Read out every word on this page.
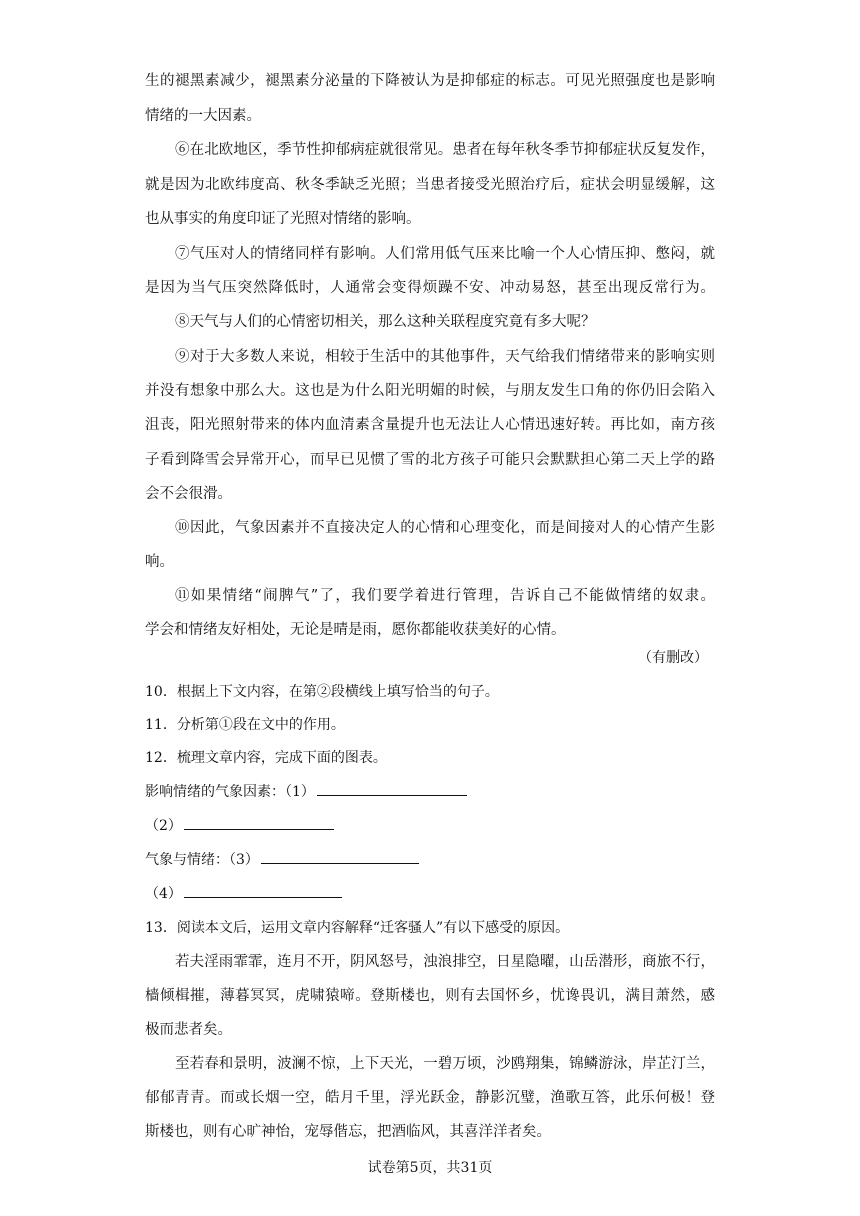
生的褪黑素减少，褪黑素分泌量的下降被认为是抑郁症的标志。可见光照强度也是影响

情绪的一大因素。

⑥在北欧地区，季节性抑郁病症就很常见。患者在每年秋冬季节抑郁症状反复发作，

就是因为北欧纬度高、秋冬季缺乏光照；当患者接受光照治疗后，症状会明显缓解，这

也从事实的角度印证了光照对情绪的影响。

⑦气压对人的情绪同样有影响。人们常用低气压来比喻一个人心情压抑、憋闷，就

是因为当气压突然降低时，人通常会变得烦躁不安、冲动易怒，甚至出现反常行为。

⑧天气与人们的心情密切相关，那么这种关联程度究竟有多大呢？

⑨对于大多数人来说，相较于生活中的其他事件，天气给我们情绪带来的影响实则

并没有想象中那么大。这也是为什么阳光明媚的时候，与朋友发生口角的你仍旧会陷入

沮丧，阳光照射带来的体内血清素含量提升也无法让人心情迅速好转。再比如，南方孩

子看到降雪会异常开心，而早已见惯了雪的北方孩子可能只会默默担心第二天上学的路

会不会很滑。

⑩因此，气象因素并不直接决定人的心情和心理变化，而是间接对人的心情产生影

响。

⑪如果情绪“闹脾气”了，我们要学着进行管理，告诉自己不能做情绪的奴隶。

学会和情绪友好相处，无论是晴是雨，愿你都能收获美好的心情。

（有删改）

10．根据上下文内容，在第②段横线上填写恰当的句子。

11．分析第①段在文中的作用。

12．梳理文章内容，完成下面的图表。

影响情绪的气象因素：（1）

（2）

气象与情绪：（3）

（4）

13．阅读本文后，运用文章内容解释“迁客骚人”有以下感受的原因。

若夫淫雨霏霏，连月不开，阴风怒号，浊浪排空，日星隐曜，山岳潜形，商旅不行，

樯倾楫摧，薄暮冥冥，虎啸猿啼。登斯楼也，则有去国怀乡，忧谗畏讥，满目萧然，感

极而悲者矣。

至若春和景明，波澜不惊，上下天光，一碧万顷，沙鸥翔集，锦鳞游泳，岸芷汀兰，

郁郁青青。而或长烟一空，皓月千里，浮光跃金，静影沉璧，渔歌互答，此乐何极！登

斯楼也，则有心旷神怡，宠辱偕忘，把酒临风，其喜洋洋者矣。

试卷第5页，共31页
